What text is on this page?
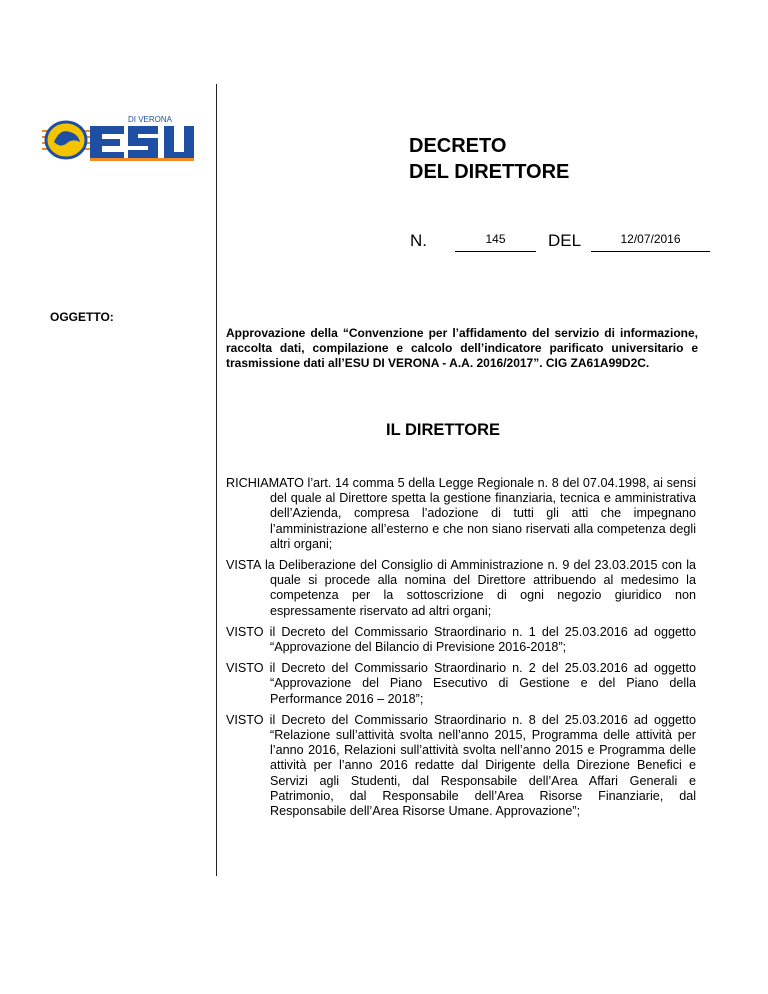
DI VERONA
DECRETO
DEL DIRETTORE
N.	145	DEL	12/07/2016
OGGETTO:
Approvazione della “Convenzione per l’affidamento del servizio di informazione, raccolta dati, compilazione e calcolo dell’indicatore parificato universitario e trasmissione dati all’ESU DI VERONA - A.A. 2016/2017”. CIG ZA61A99D2C.
IL DIRETTORE

RICHIAMATO l’art. 14 comma 5 della Legge Regionale n. 8 del 07.04.1998, ai sensi del quale al Direttore spetta la gestione finanziaria, tecnica e amministrativa dell’Azienda, compresa l’adozione di tutti gli atti che impegnano l’amministrazione all’esterno e che non siano riservati alla competenza degli altri organi;

VISTA la Deliberazione del Consiglio di Amministrazione n. 9 del 23.03.2015 con la quale si procede alla nomina del Direttore attribuendo al medesimo la competenza per la sottoscrizione di ogni negozio giuridico non espressamente riservato ad altri organi;

VISTO il Decreto del Commissario Straordinario n. 1 del 25.03.2016 ad oggetto “Approvazione del Bilancio di Previsione 2016-2018”;

VISTO il Decreto del Commissario Straordinario n. 2 del 25.03.2016 ad oggetto “Approvazione del Piano Esecutivo di Gestione e del Piano della Performance 2016 – 2018”;

VISTO il Decreto del Commissario Straordinario n. 8 del 25.03.2016 ad oggetto “Relazione sull’attività svolta nell’anno 2015, Programma delle attività per l’anno 2016, Relazioni sull’attività svolta nell’anno 2015 e Programma delle attività per l’anno 2016 redatte dal Dirigente della Direzione Benefici e Servizi agli Studenti, dal Responsabile dell’Area Affari Generali e Patrimonio, dal Responsabile dell’Area Risorse Finanziarie, dal Responsabile dell’Area Risorse Umane. Approvazione”;
